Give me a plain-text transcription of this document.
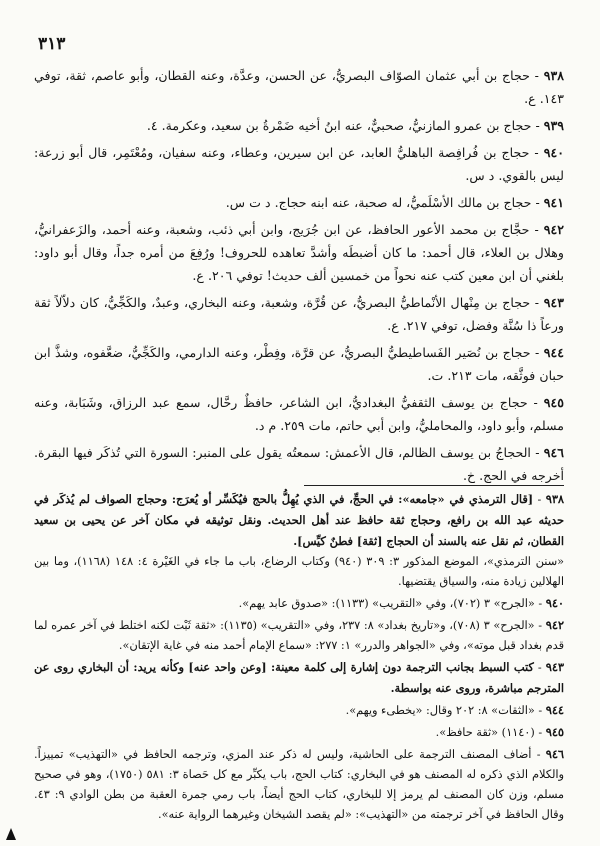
٣١٣

٩٣٨ - حجاج بن أبي عثمان الصوّاف البصريُّ، عن الحسن، وعدَّة، وعنه القطان، وأبو عاصم، ثقة، توفي ١٤٣. ع.

٩٣٩ - حجاج بن عمرو المازنيُّ، صحبيٌّ، عنه ابنُ أخيه ضَمْرةُ بن سعيد، وعكرمة. ٤.

٩٤٠ - حجاج بن فُرافِصة الباهليُّ العابد، عن ابن سيرين، وعطاء، وعنه سفيان، ومُعْتَمِر، قال أبو زرعة: ليس بالقوي. د س.

٩٤١ - حجاج بن مالك الأسْلَميُّ، له صحبة، عنه ابنه حجاج. د ت س.

٩٤٢ - حجَّاج بن محمد الأعور الحافظ، عن ابن جُرَيج، وابن أبي ذئب، وشعبة، وعنه أحمد، والزَعفرانيُّ، وهلال بن العلاء، قال أحمد: ما كان أضبطَه وأشدَّ تعاهده للحروف! ورُفِعَ من أمره جداً، وقال أبو داود: بلغني أن ابن معين كتب عنه نحواً من خمسين ألف حديث! توفي ٢٠٦. ع.

٩٤٣ - حجاج بن مِنْهال الأنْماطيُّ البصريُّ، عن قُرَّة، وشعبة، وعنه البخاري، وعبدٌ، والكَجِّيُّ، كان دلاّلاً ثقة ورعاً ذا سُنَّة وفضل، توفي ٢١٧. ع.

٩٤٤ - حجاج بن نُصَير الفَساطيطيُّ البصريُّ، عن قرَّة، وفِطْر، وعنه الدارمي، والكَجِّيُّ، ضعَّفوه، وشذَّ ابن حبان فوثَّقه، مات ٢١٣. ت.

٩٤٥ - حجاج بن يوسف الثقفيُّ البغداديُّ، ابن الشاعر، حافظٌ رحَّال، سمع عبد الرزاق، وشَبَابة، وعنه مسلم، وأبو داود، والمحامليُّ، وابن أبي حاتم، مات ٢٥٩. م د.

٩٤٦ - الحجاجُ بن يوسف الظالم، قال الأعمش: سمعتُه يقول على المنبر: السورة التي تُذكَر فيها البقرة. أخرجه في الحج. خ.

٩٣٨ - [قال الترمذي في «جامعه»: في الحجِّ، في الذي يُهِلُّ بالحج فيُكَسِّر أو يُعرَج: وحجاج الصواف لم يُذكَر في حديثه عبد الله بن رافع، وحجاج ثقة حافظ عند أهل الحديث. ونقل توثيقه في مكان آخر عن يحيى بن سعيد القطان، ثم نقل عنه بالسند أن الحجاج [ثقة] فطنٌ كيِّس].
«سنن الترمذي»، الموضع المذكور ٣: ٣٠٩ (٩٤٠) وكتاب الرضاع، باب ما جاء في الغَيْرة ٤: ١٤٨ (١١٦٨)، وما بين الهلالين زيادة منه، والسياق يقتضيها.

٩٤٠ - «الجرح» ٣ (٧٠٢)، وفي «التقريب» (١١٣٣): «صدوق عابد يهم».

٩٤٢ - «الجرح» ٣ (٧٠٨)، و«تاريخ بغداد» ٨: ٢٣٧، وفي «التقريب» (١١٣٥): «ثقة ثَبْت لكنه اختلط في آخر عمره لما قدم بغداد قبل موته»، وفي «الجواهر والدرر» ١: ٢٧٧: «سماع الإمام أحمد منه في غاية الإتقان».

٩٤٣ - كتب السبط بجانب الترجمة دون إشارة إلى كلمة معينة: [وعن واحد عنه] وكأنه يريد: أن البخاري روى عن المترجم مباشرة، وروى عنه بواسطة.

٩٤٤ - «الثقات» ٨: ٢٠٢ وقال: «يخطىء ويهم».

٩٤٥ - (١١٤٠) «ثقة حافظ».

٩٤٦ - أضاف المصنف الترجمة على الحاشية، وليس له ذكر عند المزي، وترجمه الحافظ في «التهذيب» تمييزاً. والكلام الذي ذكره له المصنف هو في البخاري: كتاب الحج، باب يكبِّر مع كل حَصاة ٣: ٥٨١ (١٧٥٠)، وهو في صحيح مسلم، وزن كان المصنف لم يرمز إلا للبخاري، كتاب الحج أيضاً، باب رمي جمرة العقبة من بطن الوادي ٩: ٤٣. وقال الحافظ في آخر ترجمته من «التهذيب»: «لم يقصد الشيخان وغيرهما الرواية عنه».
